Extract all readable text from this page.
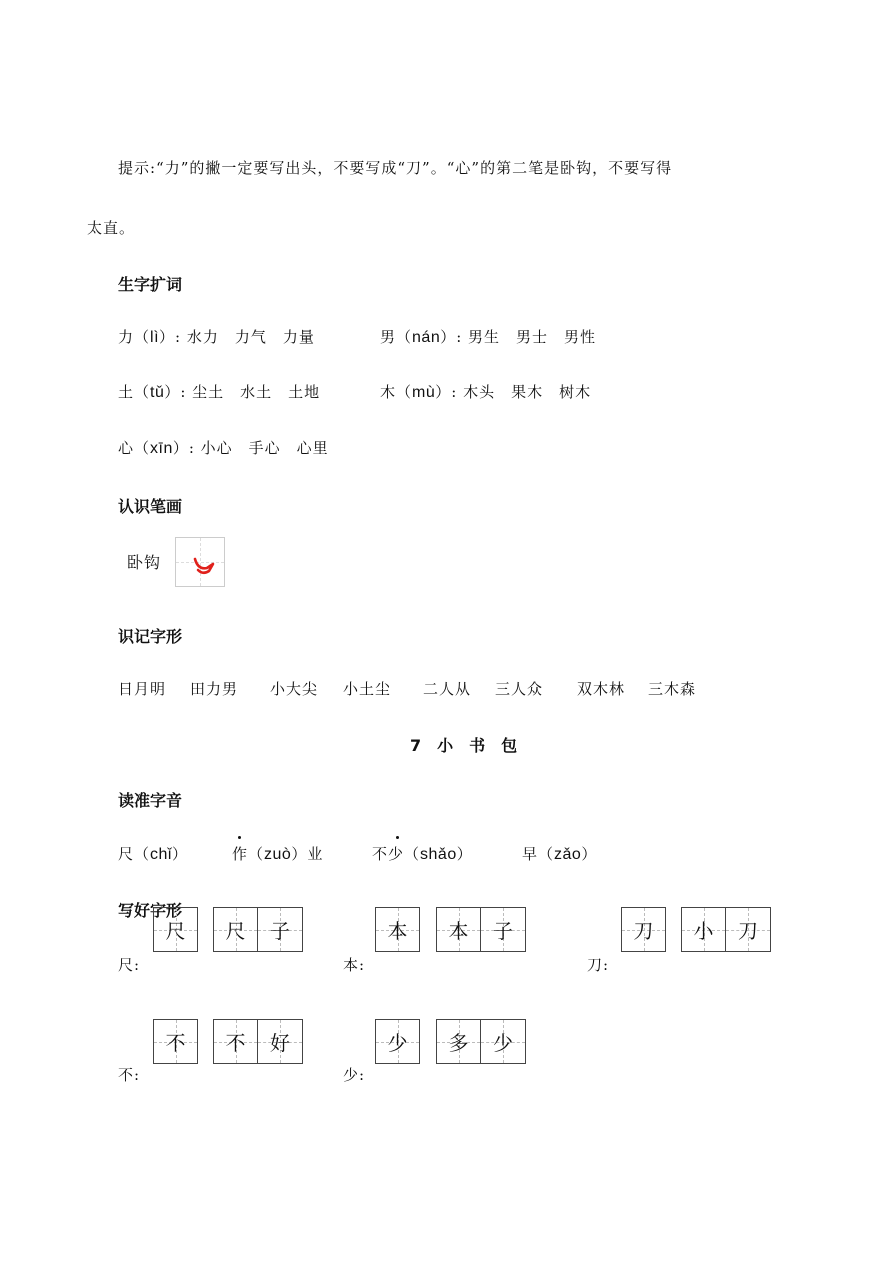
提示:“力”的撇一定要写出头，不要写成“刀”。“心”的第二笔是卧钩，不要写得
太直。
生字扩词
力（lì）: 水力　力气　力量	男（nán）: 男生　男士　男性
土（tǔ）: 尘土　水土　土地	木（mù）: 木头　果木　树木
心（xīn）: 小心　手心　心里
认识笔画
卧钩
识记字形
日月明 田力男 小大尖 小土尘 二人从 三人众 双木林 三木森
7　小　书　包
读准字音
尺（chǐ）	作（zuò）业	不少（shǎo）	早（zǎo）
写好字形
尺:
尺 尺 子
本:
本 本 子
刀:
刀 小 刀
不:
不 不 好
少:
少 多 少
